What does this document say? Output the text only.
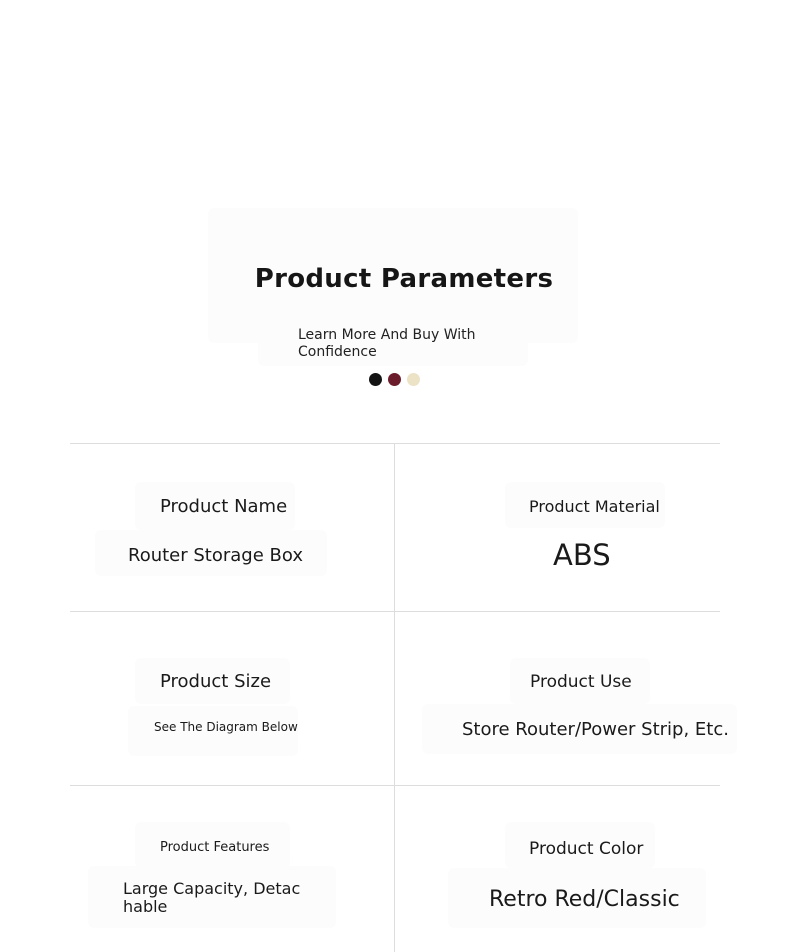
Product Parameters
Learn More And Buy With Confidence
Product Name
Router Storage Box
Product Material
ABS
Product Size
See The Diagram Below
Product Use
Store Router/Power Strip, Etc.
Product Features
Large Capacity, Detachable
Product Color
Retro Red/Classic
